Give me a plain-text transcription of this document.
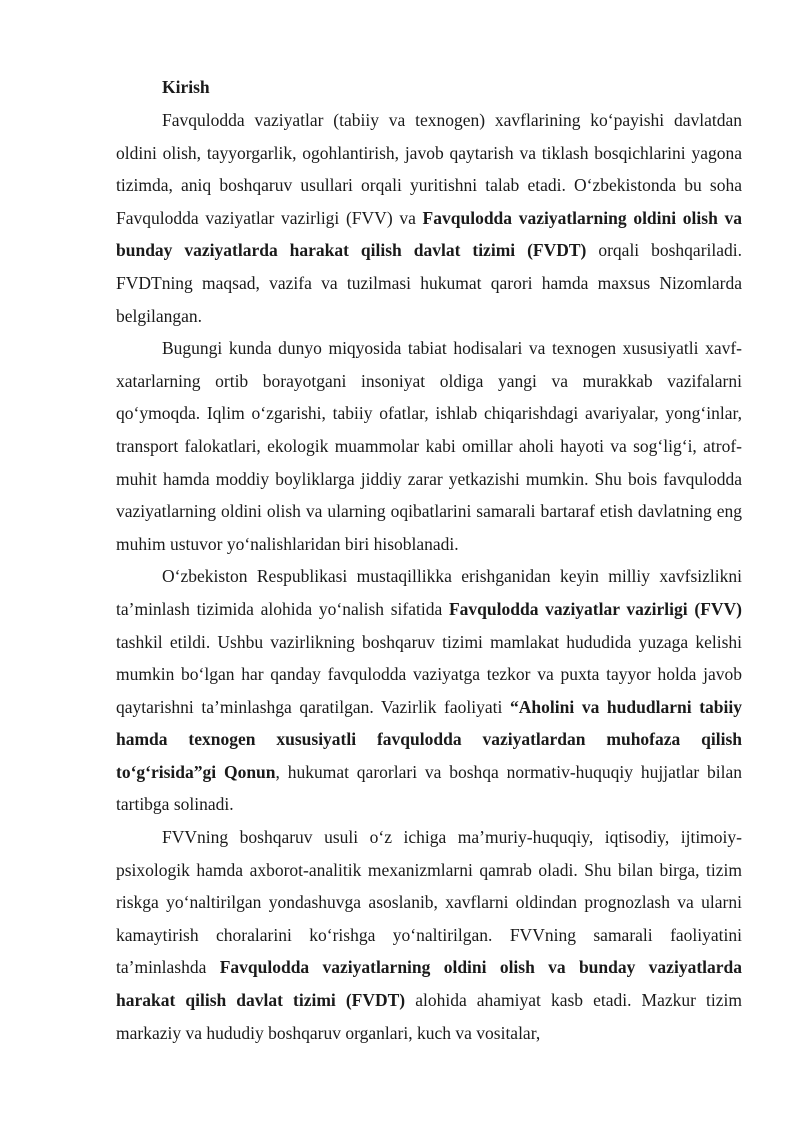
Kirish

Favqulodda vaziyatlar (tabiiy va texnogen) xavflarining ko‘payishi davlatdan oldini olish, tayyorgarlik, ogohlantirish, javob qaytarish va tiklash bosqichlarini yagona tizimda, aniq boshqaruv usullari orqali yuritishni talab etadi. O‘zbekistonda bu soha Favqulodda vaziyatlar vazirligi (FVV) va Favqulodda vaziyatlarning oldini olish va bunday vaziyatlarda harakat qilish davlat tizimi (FVDT) orqali boshqariladi. FVDTning maqsad, vazifa va tuzilmasi hukumat qarori hamda maxsus Nizomlarda belgilangan.

Bugungi kunda dunyo miqyosida tabiat hodisalari va texnogen xususiyatli xavf-xatarlarning ortib borayotgani insoniyat oldiga yangi va murakkab vazifalarni qo‘ymoqda. Iqlim o‘zgarishi, tabiiy ofatlar, ishlab chiqarishdagi avariyalar, yong‘inlar, transport falokatlari, ekologik muammolar kabi omillar aholi hayoti va sog‘lig‘i, atrof-muhit hamda moddiy boyliklarga jiddiy zarar yetkazishi mumkin. Shu bois favqulodda vaziyatlarning oldini olish va ularning oqibatlarini samarali bartaraf etish davlatning eng muhim ustuvor yo‘nalishlaridan biri hisoblanadi.

O‘zbekiston Respublikasi mustaqillikka erishganidan keyin milliy xavfsizlikni ta’minlash tizimida alohida yo‘nalish sifatida Favqulodda vaziyatlar vazirligi (FVV) tashkil etildi. Ushbu vazirlikning boshqaruv tizimi mamlakat hududida yuzaga kelishi mumkin bo‘lgan har qanday favqulodda vaziyatga tezkor va puxta tayyor holda javob qaytarishni ta’minlashga qaratilgan. Vazirlik faoliyati “Aholini va hududlarni tabiiy hamda texnogen xususiyatli favqulodda vaziyatlardan muhofaza qilish to‘g‘risida”gi Qonun, hukumat qarorlari va boshqa normativ-huquqiy hujjatlar bilan tartibga solinadi.

FVVning boshqaruv usuli o‘z ichiga ma’muriy-huquqiy, iqtisodiy, ijtimoiy-psixologik hamda axborot-analitik mexanizmlarni qamrab oladi. Shu bilan birga, tizim riskga yo‘naltirilgan yondashuvga asoslanib, xavflarni oldindan prognozlash va ularni kamaytirish choralarini ko‘rishga yo‘naltirilgan. FVVning samarali faoliyatini ta’minlashda Favqulodda vaziyatlarning oldini olish va bunday vaziyatlarda harakat qilish davlat tizimi (FVDT) alohida ahamiyat kasb etadi. Mazkur tizim markaziy va hududiy boshqaruv organlari, kuch va vositalar,
